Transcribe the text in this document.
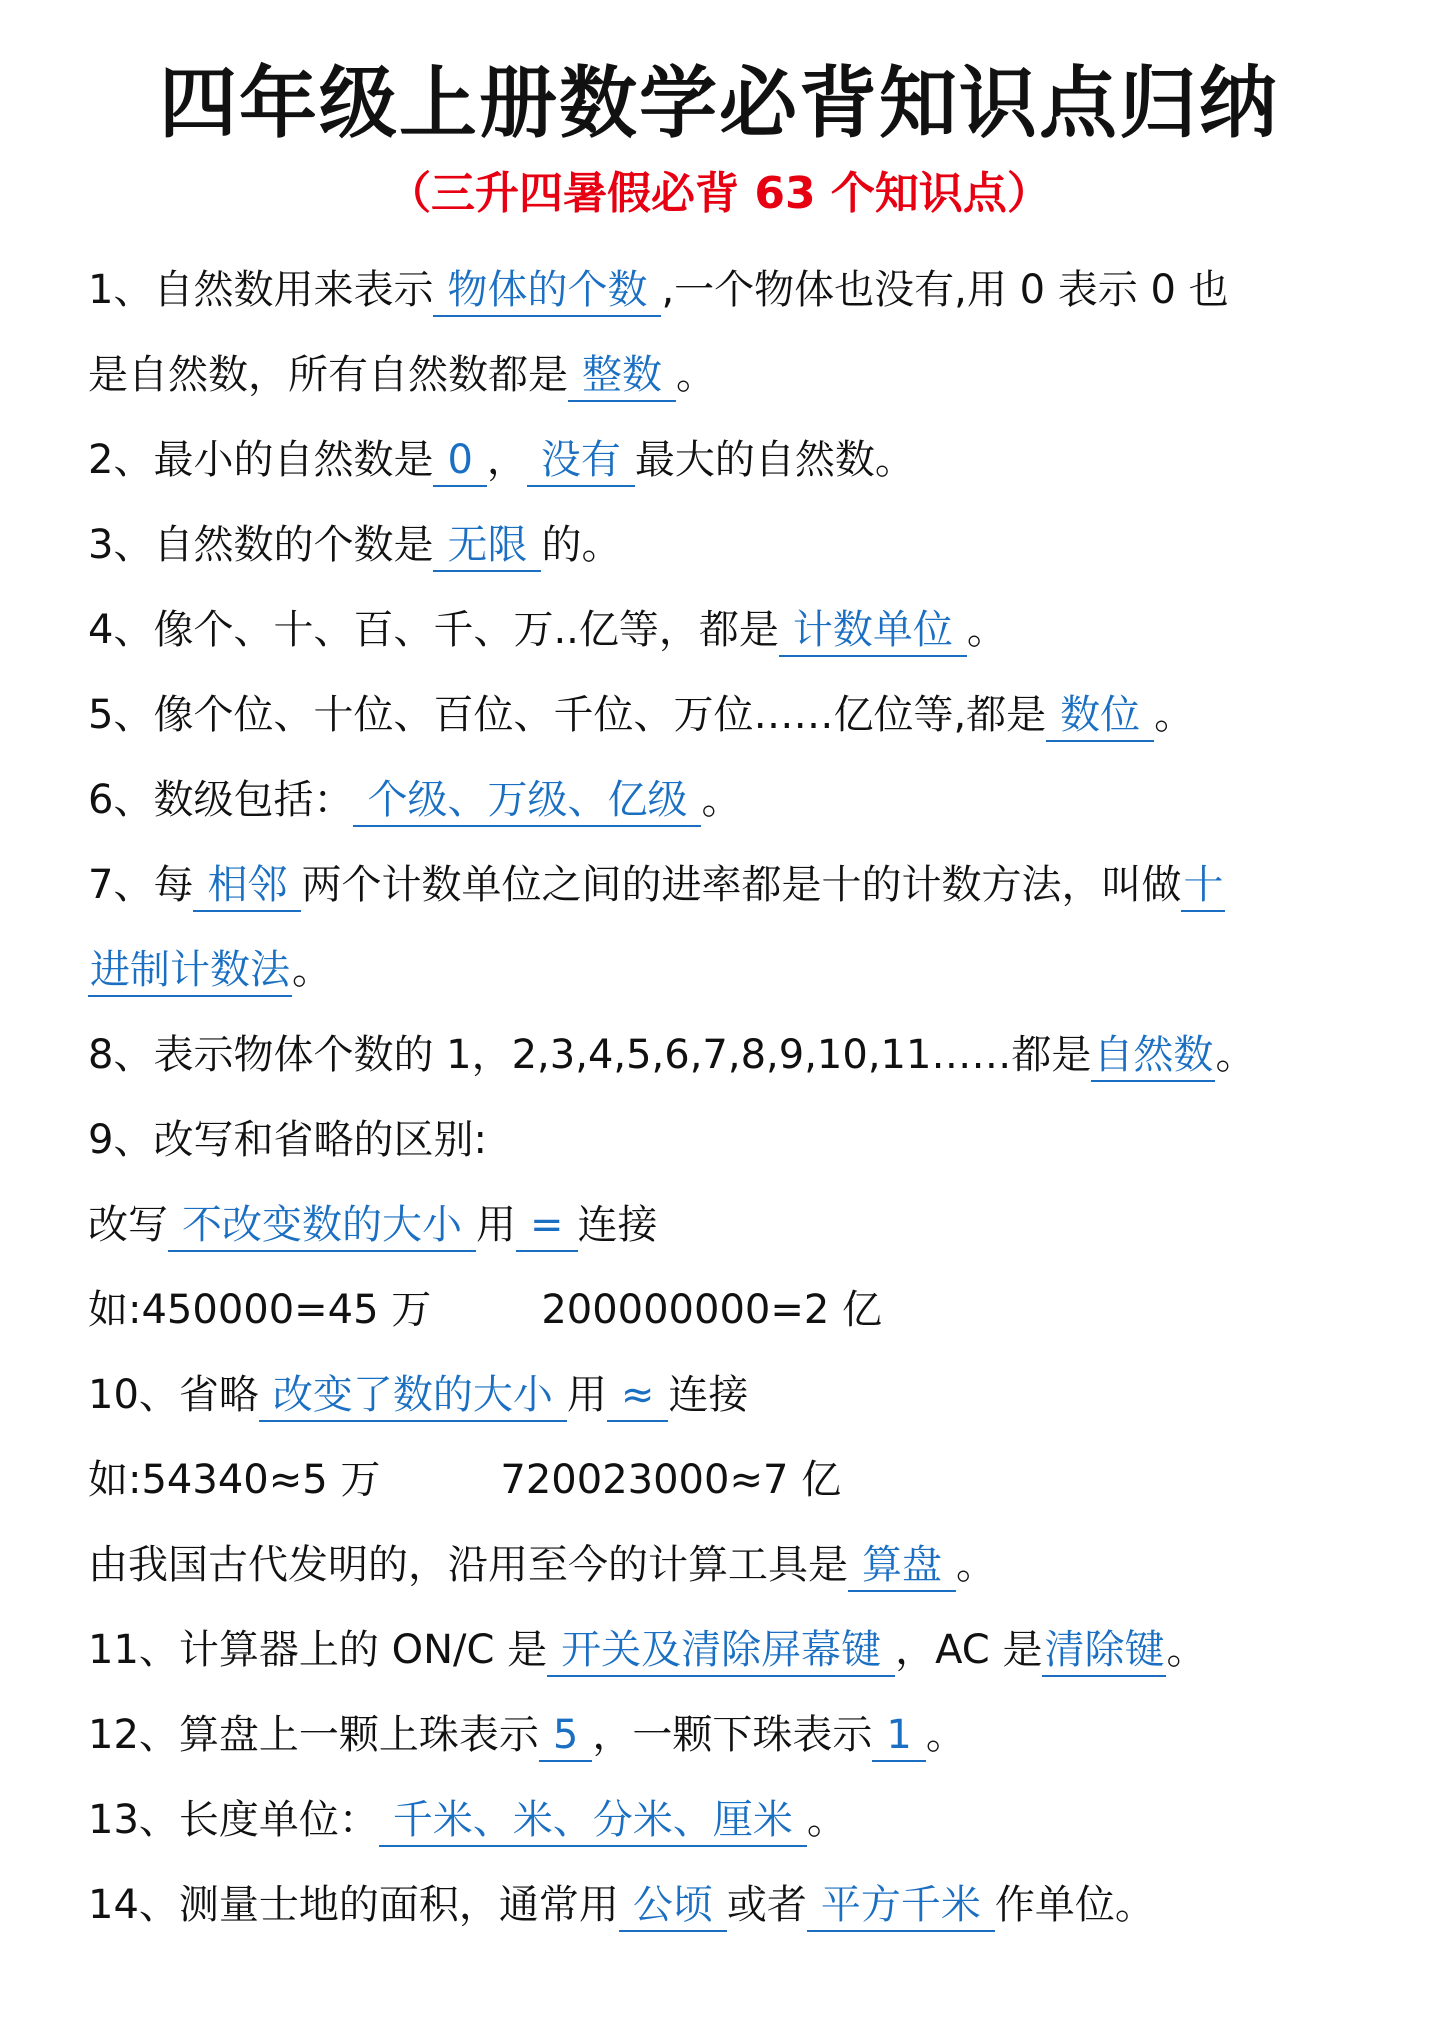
四年级上册数学必背知识点归纳
（三升四暑假必背 63 个知识点）
1、自然数用来表示 物体的个数 ,一个物体也没有,用 0 表示 0 也
是自然数，所有自然数都是 整数 。
2、最小的自然数是 0 ， 没有 最大的自然数。
3、自然数的个数是 无限 的。
4、像个、十、百、千、万..亿等，都是 计数单位 。
5、像个位、十位、百位、千位、万位……亿位等,都是 数位 。
6、数级包括： 个级、万级、亿级 。
7、每 相邻 两个计数单位之间的进率都是十的计数方法，叫做十
进制计数法。
8、表示物体个数的 1，2,3,4,5,6,7,8,9,10,11……都是自然数。
9、改写和省略的区别:
改写 不改变数的大小 用 = 连接
如:450000=45 万	200000000=2 亿
10、省略 改变了数的大小 用 ≈ 连接
如:54340≈5 万	720023000≈7 亿
由我国古代发明的，沿用至今的计算工具是 算盘 。
11、计算器上的 ON/C 是 开关及清除屏幕键 ，AC 是清除键。
12、算盘上一颗上珠表示 5 ，一颗下珠表示 1 。
13、长度单位： 千米、米、分米、厘米 。
14、测量士地的面积，通常用 公顷 或者 平方千米 作单位。
